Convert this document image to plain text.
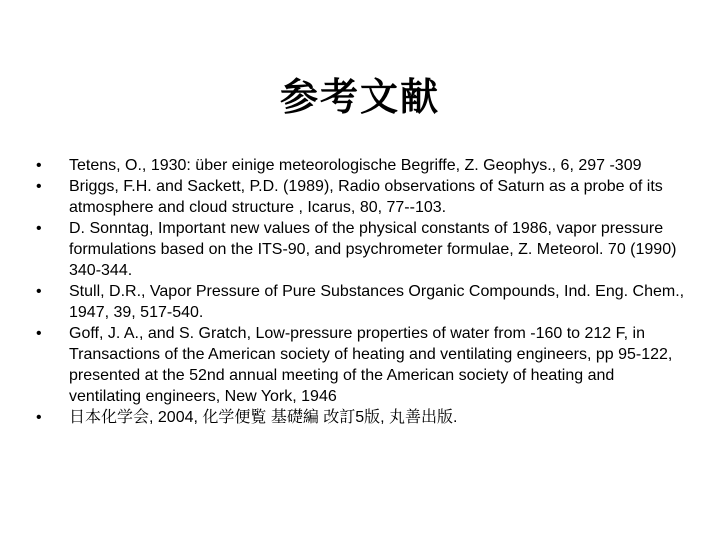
参考文献
•	Tetens, O., 1930: über einige meteorologische Begriffe, Z. Geophys., 6, 297 -309
•	Briggs, F.H. and Sackett, P.D. (1989), Radio observations of Saturn as a probe of its atmosphere and cloud structure , Icarus, 80, 77--103.
•	D. Sonntag, Important new values of the physical constants of 1986, vapor pressure formulations based on the ITS-90, and psychrometer formulae, Z. Meteorol. 70 (1990) 340-344.
•	Stull, D.R., Vapor Pressure of Pure Substances Organic Compounds, Ind. Eng. Chem., 1947, 39, 517-540.
•	Goff, J. A., and S. Gratch, Low-pressure properties of water from -160 to 212 F, in Transactions of the American society of heating and ventilating engineers, pp 95-122, presented at the 52nd annual meeting of the American society of heating and ventilating engineers, New York, 1946
•	日本化学会, 2004, 化学便覧 基礎編 改訂5版, 丸善出版.
